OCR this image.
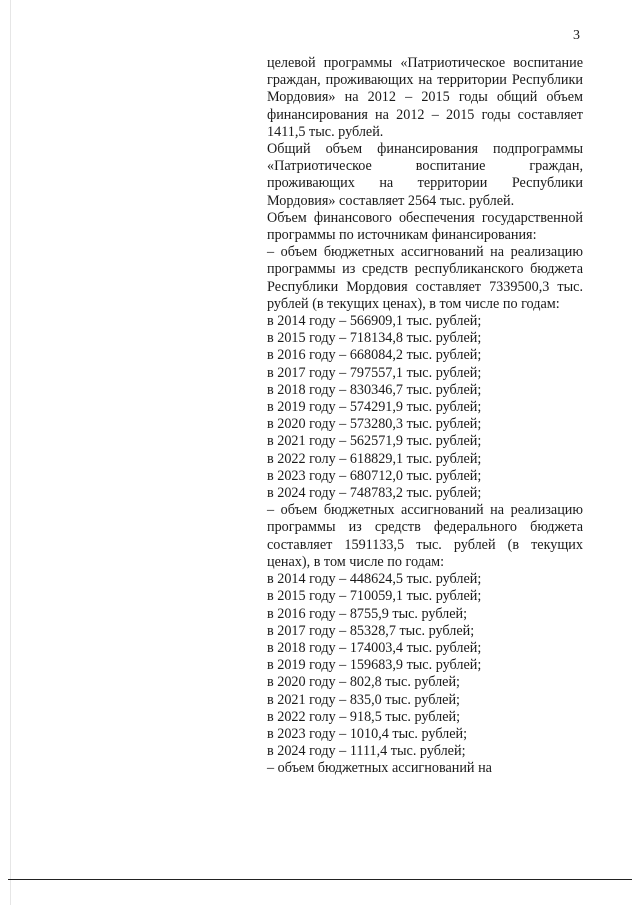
3

целевой программы «Патриотическое воспитание граждан, проживающих на территории Республики Мордовия» на 2012 – 2015 годы общий объем финансирования на 2012 – 2015 годы составляет 1411,5 тыс. рублей.

Общий объем финансирования подпрограммы «Патриотическое воспитание граждан, проживающих на территории Республики Мордовия» составляет 2564 тыс. рублей.

Объем финансового обеспечения государственной программы по источникам финансирования:

– объем бюджетных ассигнований на реализацию программы из средств республиканского бюджета Республики Мордовия составляет 7339500,3 тыс. рублей (в текущих ценах), в том числе по годам:

в 2014 году – 566909,1 тыс. рублей;
в 2015 году – 718134,8 тыс. рублей;
в 2016 году – 668084,2 тыс. рублей;
в 2017 году – 797557,1 тыс. рублей;
в 2018 году – 830346,7 тыс. рублей;
в 2019 году – 574291,9 тыс. рублей;
в 2020 году – 573280,3 тыс. рублей;
в 2021 году – 562571,9 тыс. рублей;
в 2022 голу – 618829,1 тыс. рублей;
в 2023 году – 680712,0 тыс. рублей;
в 2024 году – 748783,2 тыс. рублей;

– объем бюджетных ассигнований на реализацию программы из средств федерального бюджета составляет 1591133,5 тыс. рублей (в текущих ценах), в том числе по годам:

в 2014 году – 448624,5 тыс. рублей;
в 2015 году – 710059,1 тыс. рублей;
в 2016 году – 8755,9 тыс. рублей;
в 2017 году – 85328,7 тыс. рублей;
в 2018 году – 174003,4 тыс. рублей;
в 2019 году – 159683,9 тыс. рублей;
в 2020 году – 802,8 тыс. рублей;
в 2021 году – 835,0 тыс. рублей;
в 2022 голу – 918,5 тыс. рублей;
в 2023 году – 1010,4 тыс. рублей;
в 2024 году – 1111,4 тыс. рублей;

– объем бюджетных ассигнований на
